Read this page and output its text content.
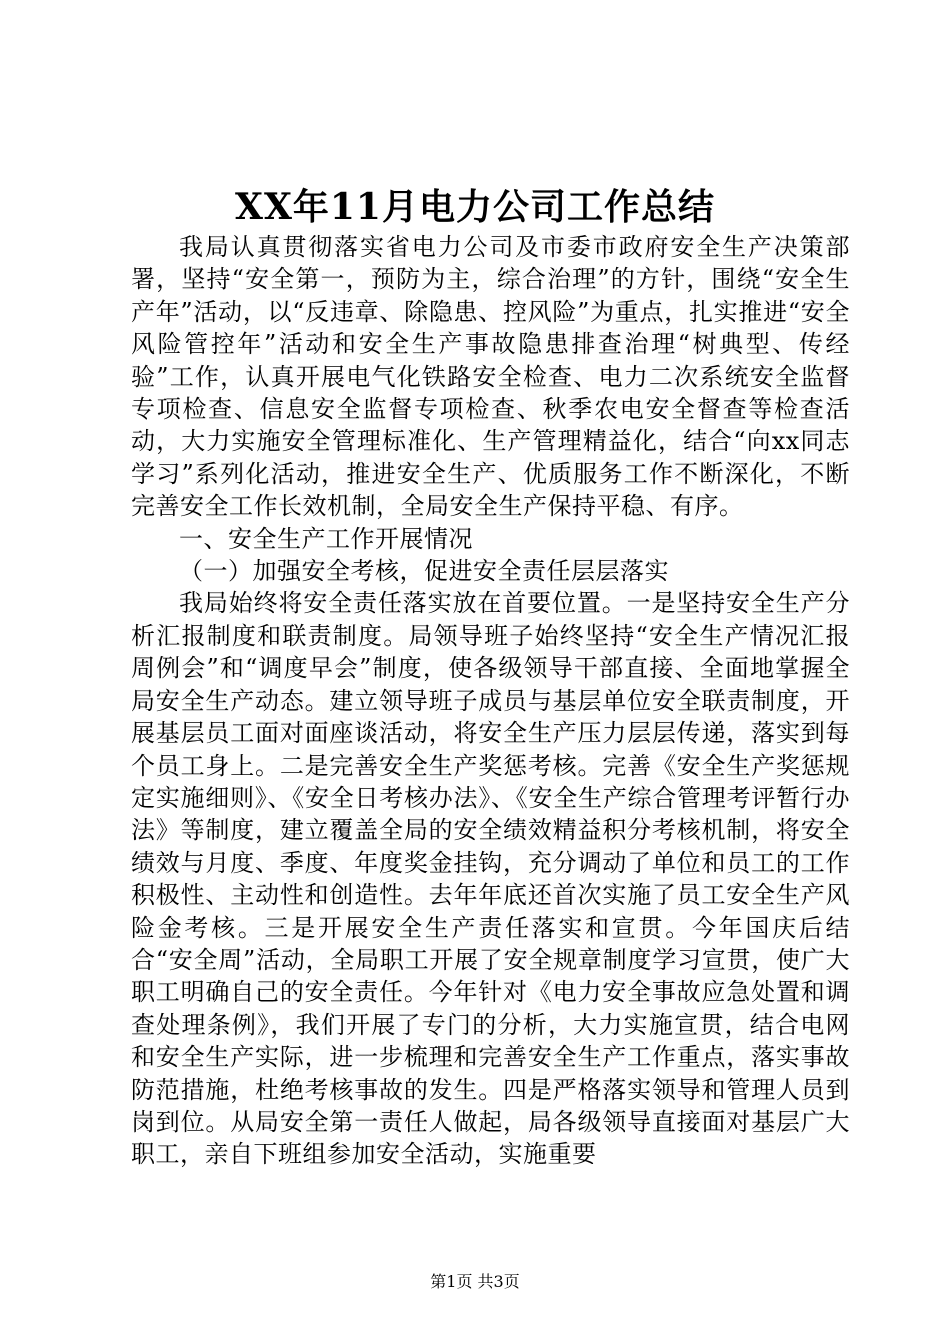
XX年11月电力公司工作总结

我局认真贯彻落实省电力公司及市委市政府安全生产决策部署，坚持“安全第一，预防为主，综合治理”的方针，围绕“安全生产年”活动，以“反违章、除隐患、控风险”为重点，扎实推进“安全风险管控年”活动和安全生产事故隐患排查治理“树典型、传经验”工作，认真开展电气化铁路安全检查、电力二次系统安全监督专项检查、信息安全监督专项检查、秋季农电安全督查等检查活动，大力实施安全管理标准化、生产管理精益化，结合“向xx同志学习”系列化活动，推进安全生产、优质服务工作不断深化，不断完善安全工作长效机制，全局安全生产保持平稳、有序。

一、安全生产工作开展情况

（一）加强安全考核，促进安全责任层层落实

我局始终将安全责任落实放在首要位置。一是坚持安全生产分析汇报制度和联责制度。局领导班子始终坚持“安全生产情况汇报周例会”和“调度早会”制度，使各级领导干部直接、全面地掌握全局安全生产动态。建立领导班子成员与基层单位安全联责制度，开展基层员工面对面座谈活动，将安全生产压力层层传递，落实到每个员工身上。二是完善安全生产奖惩考核。完善《安全生产奖惩规定实施细则》、《安全日考核办法》、《安全生产综合管理考评暂行办法》等制度，建立覆盖全局的安全绩效精益积分考核机制，将安全绩效与月度、季度、年度奖金挂钩，充分调动了单位和员工的工作积极性、主动性和创造性。去年年底还首次实施了员工安全生产风险金考核。三是开展安全生产责任落实和宣贯。今年国庆后结合“安全周”活动，全局职工开展了安全规章制度学习宣贯，使广大职工明确自己的安全责任。今年针对《电力安全事故应急处置和调查处理条例》，我们开展了专门的分析，大力实施宣贯，结合电网和安全生产实际，进一步梳理和完善安全生产工作重点，落实事故防范措施，杜绝考核事故的发生。四是严格落实领导和管理人员到岗到位。从局安全第一责任人做起，局各级领导直接面对基层广大职工，亲自下班组参加安全活动，实施重要

第1页 共3页
